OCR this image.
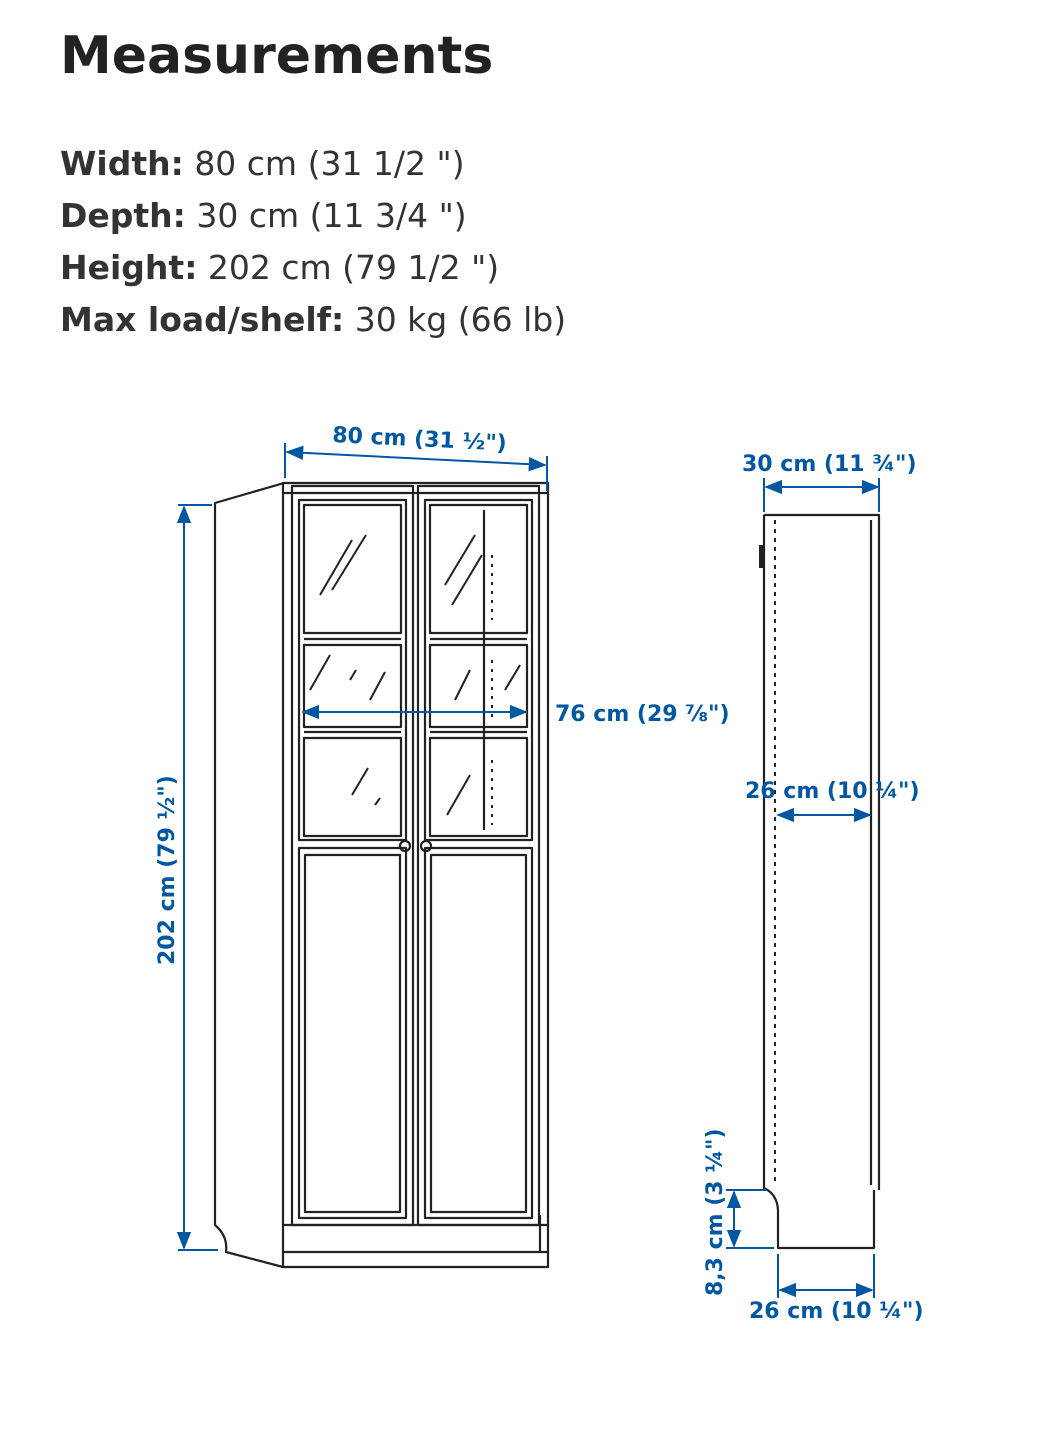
Measurements
Width: 80 cm (31 1/2 ")
Depth: 30 cm (11 3/4 ")
Height: 202 cm (79 1/2 ")
Max load/shelf: 30 kg (66 lb)
80 cm (31 ½")
202 cm (79 ½")
76 cm (29 ⅞")
30 cm (11 ¾")
26 cm (10 ¼")
8,3 cm (3 ¼")
26 cm (10 ¼")
